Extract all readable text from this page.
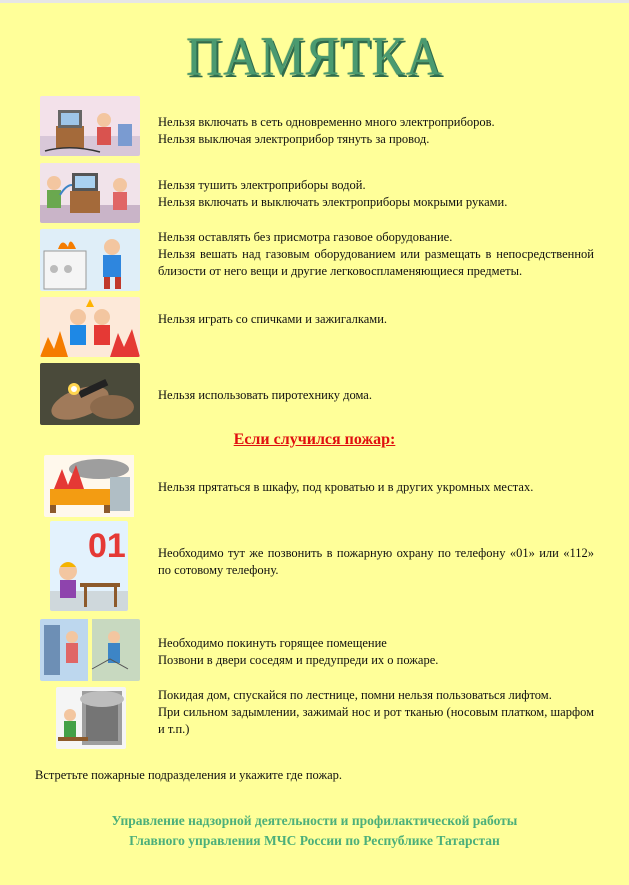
ПАМЯТКА

Нельзя включать в сеть одновременно много электроприборов.

Нельзя выключая электроприбор тянуть за провод.

Нельзя тушить электроприборы водой.

Нельзя включать и выключать электроприборы мокрыми руками.

Нельзя оставлять без присмотра газовое оборудование.

Нельзя вешать над газовым оборудованием или размещать в непосредственной близости от него вещи и другие легковоспламеняющиеся предметы.

Нельзя играть со спичками и зажигалками.

Нельзя использовать пиротехнику дома.

Если случился пожар:

Нельзя прятаться в шкафу, под кроватью и в других укромных местах.

01	Необходимо тут же позвонить в пожарную охрану по телефону «01» или «112» по сотовому телефону.

Необходимо покинуть горящее помещение

Позвони в двери соседям и предупреди их о пожаре.

Покидая дом, спускайся по лестнице, помни нельзя пользоваться лифтом.

При сильном задымлении, зажимай нос и рот тканью (носовым платком, шарфом и т.п.)

Встретьте пожарные подразделения и укажите где пожар.
Управление надзорной деятельности и профилактической работы
Главного управления МЧС России по Республике Татарстан
